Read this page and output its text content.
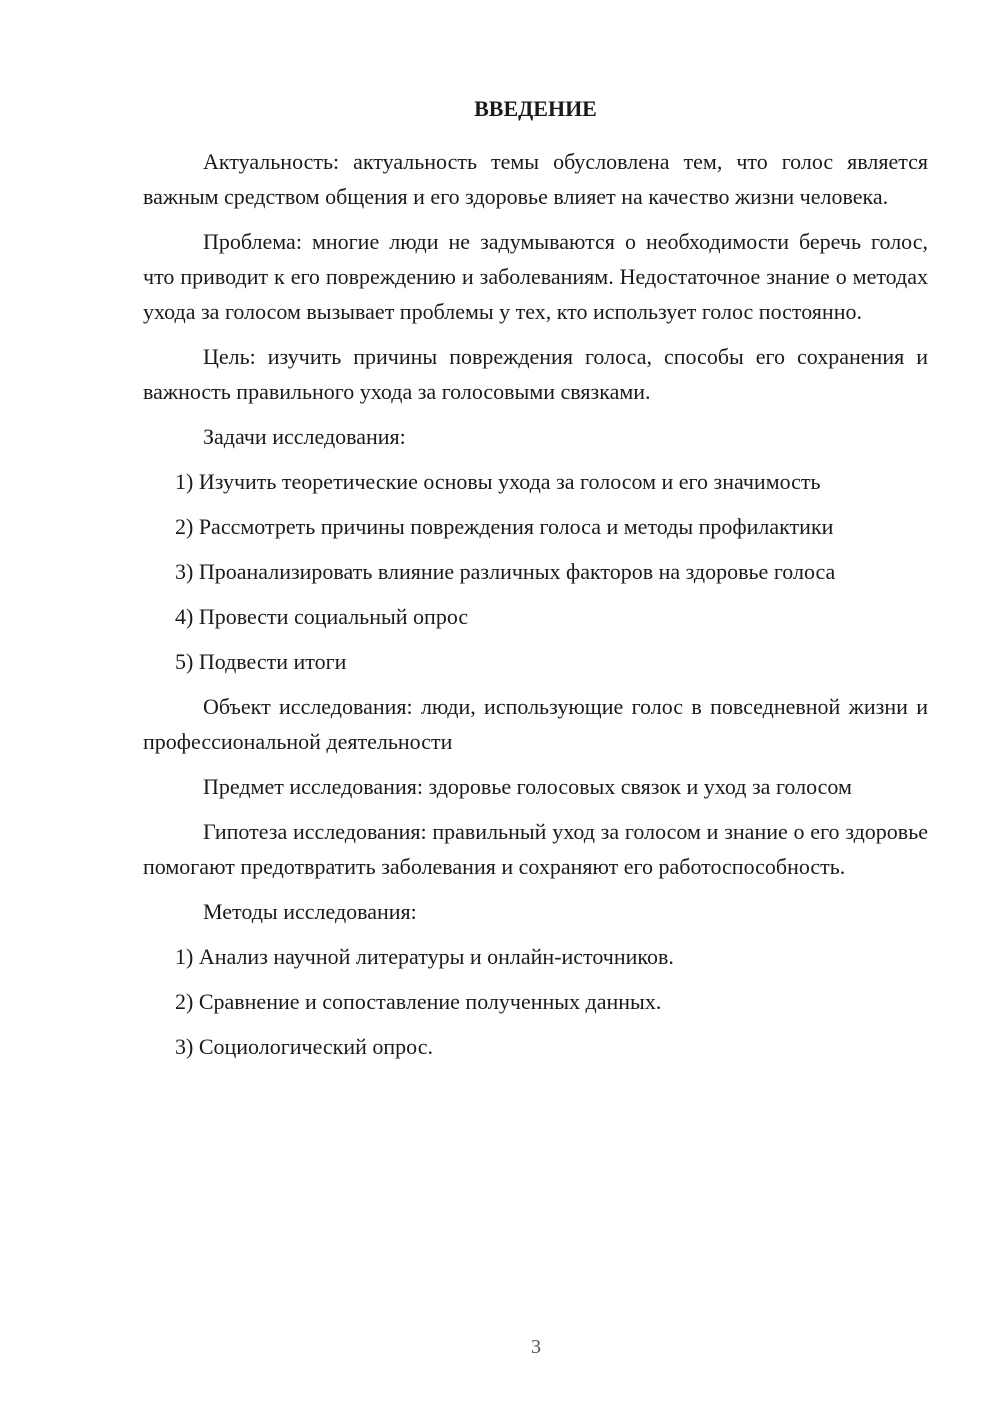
ВВЕДЕНИЕ

Актуальность: актуальность темы обусловлена тем, что голос является важным средством общения и его здоровье влияет на качество жизни человека.

Проблема: многие люди не задумываются о необходимости беречь голос, что приводит к его повреждению и заболеваниям. Недостаточное знание о методах ухода за голосом вызывает проблемы у тех, кто использует голос постоянно.

Цель: изучить причины повреждения голоса, способы его сохранения и важность правильного ухода за голосовыми связками.

Задачи исследования:

1) Изучить теоретические основы ухода за голосом и его значимость

2) Рассмотреть причины повреждения голоса и методы профилактики

3) Проанализировать влияние различных факторов на здоровье голоса

4) Провести социальный опрос

5) Подвести итоги

Объект исследования: люди, использующие голос в повседневной жизни и профессиональной деятельности

Предмет исследования: здоровье голосовых связок и уход за голосом

Гипотеза исследования: правильный уход за голосом и знание о его здоровье помогают предотвратить заболевания и сохраняют его работоспособность.

Методы исследования:

1) Анализ научной литературы и онлайн-источников.

2) Сравнение и сопоставление полученных данных.

3) Социологический опрос.

3
